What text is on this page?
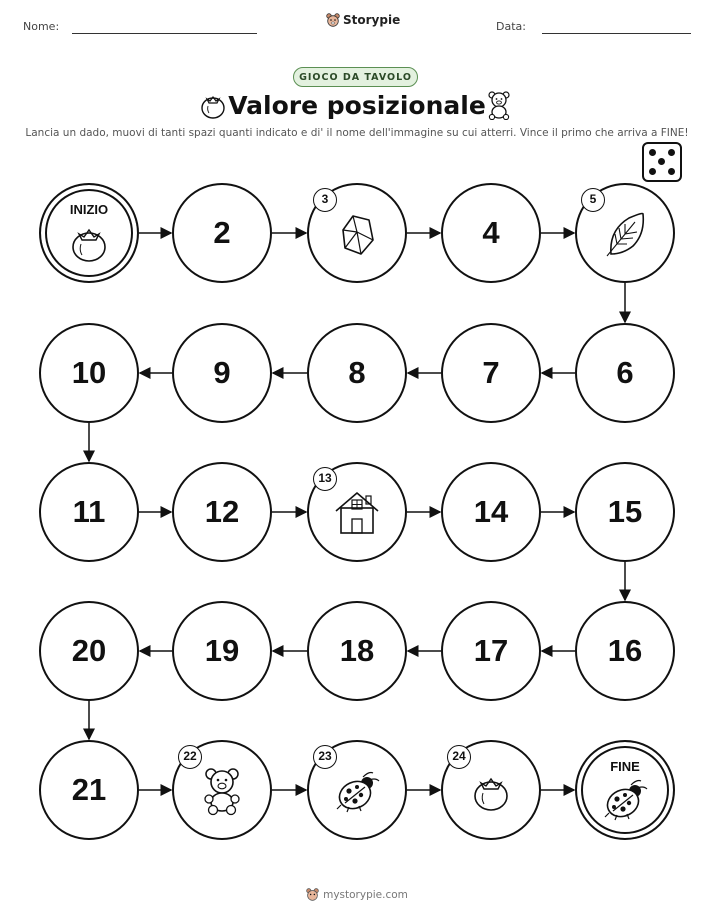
Nome:	Storypie	Data:
GIOCO DA TAVOLO
Valore posizionale
Lancia un dado, muovi di tanti spazi quanti indicato e di' il nome dell'immagine su cui atterri. Vince il primo che arriva a FINE!
INIZIO
2
3
4
5
6
7
8
9
10
11	12
13
14	15
16
17
18
19
20
21
22	23	24
FINE
mystorypie.com
